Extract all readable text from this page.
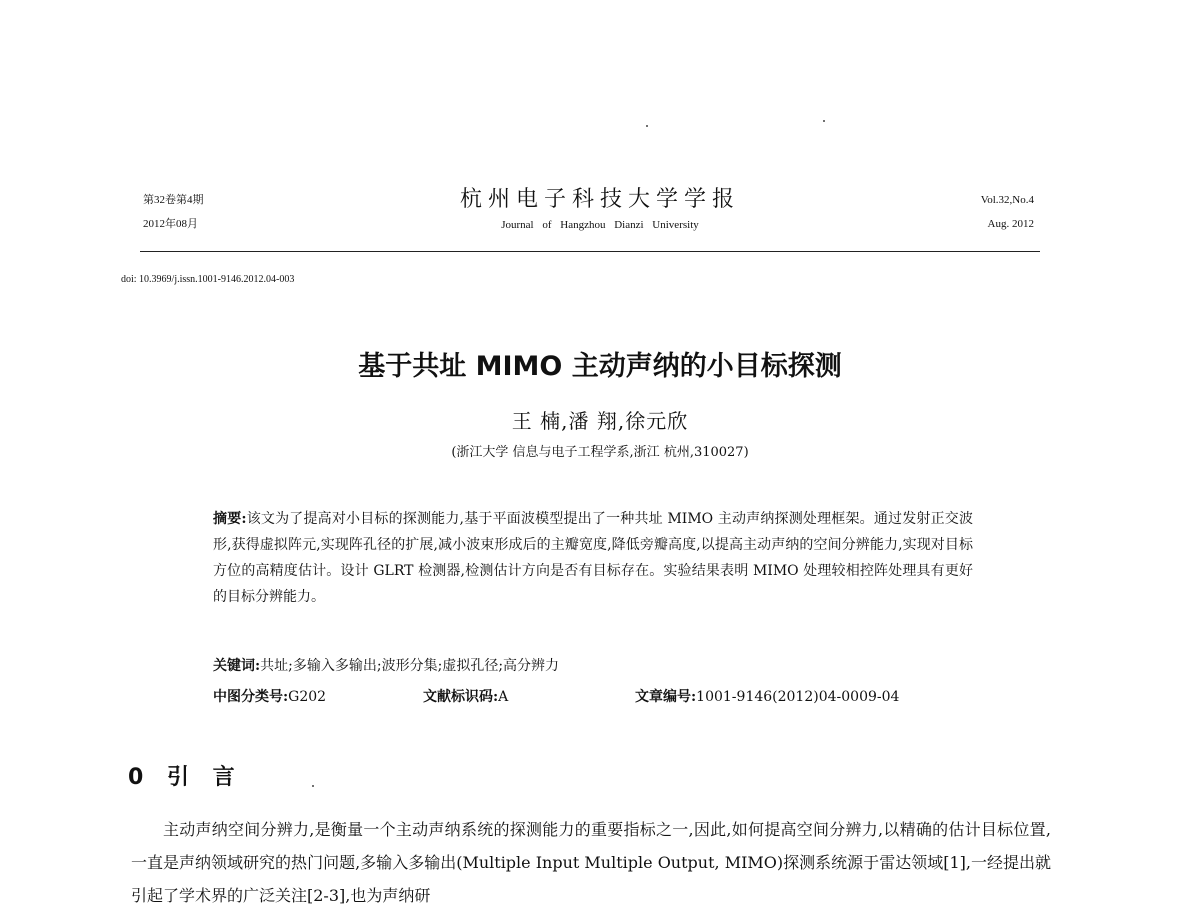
第32卷第4期
2012年08月
杭州电子科技大学学报
Journal of Hangzhou Dianzi University
Vol.32,No.4
Aug. 2012
doi: 10.3969/j.issn.1001-9146.2012.04-003
基于共址 MIMO 主动声纳的小目标探测
王 楠,潘 翔,徐元欣
(浙江大学 信息与电子工程学系,浙江 杭州,310027)
摘要:该文为了提高对小目标的探测能力,基于平面波模型提出了一种共址 MIMO 主动声纳探测处理框架。通过发射正交波形,获得虚拟阵元,实现阵孔径的扩展,减小波束形成后的主瓣宽度,降低旁瓣高度,以提高主动声纳的空间分辨能力,实现对目标方位的高精度估计。设计 GLRT 检测器,检测估计方向是否有目标存在。实验结果表明 MIMO 处理较相控阵处理具有更好的目标分辨能力。
关键词:共址;多输入多输出;波形分集;虚拟孔径;高分辨力
中图分类号:G202	文献标识码:A	文章编号:1001-9146(2012)04-0009-04
0 引 言
主动声纳空间分辨力,是衡量一个主动声纳系统的探测能力的重要指标之一,因此,如何提高空间分辨力,以精确的估计目标位置,一直是声纳领域研究的热门问题,多输入多输出(Multiple Input Multiple Output, MIMO)探测系统源于雷达领域[1],一经提出就引起了学术界的广泛关注[2-3],也为声纳研
